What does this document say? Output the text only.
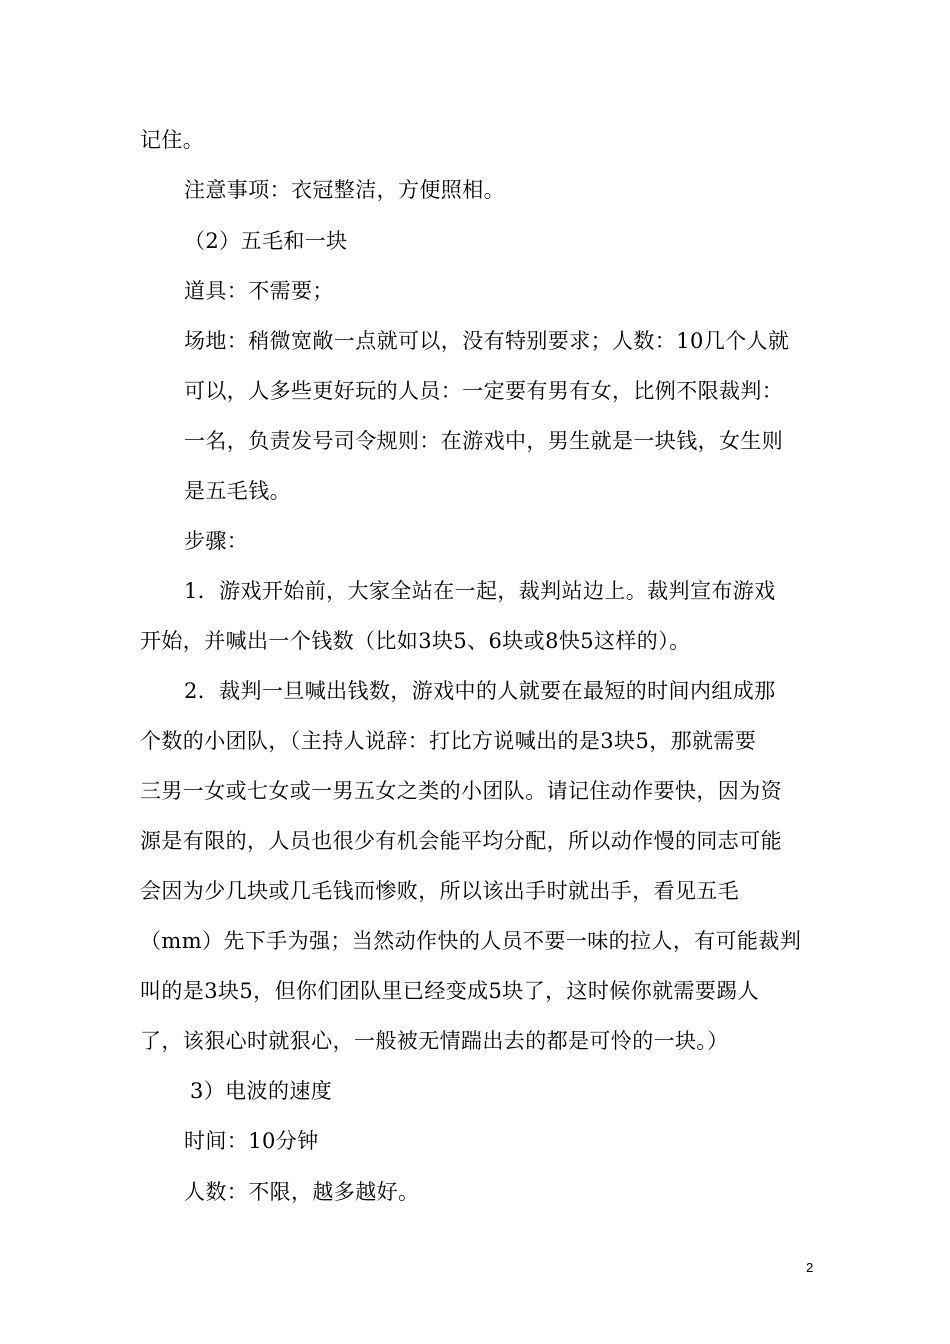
记住。
注意事项：衣冠整洁，方便照相。
（2）五毛和一块
道具：不需要；
场地：稍微宽敞一点就可以，没有特别要求；人数：10几个人就
可以，人多些更好玩的人员：一定要有男有女，比例不限裁判：
一名，负责发号司令规则：在游戏中，男生就是一块钱，女生则
是五毛钱。
步骤：
1．游戏开始前，大家全站在一起，裁判站边上。裁判宣布游戏
开始，并喊出一个钱数（比如3块5、6块或8快5这样的）。
2．裁判一旦喊出钱数，游戏中的人就要在最短的时间内组成那
个数的小团队，（主持人说辞：打比方说喊出的是3块5，那就需要
三男一女或七女或一男五女之类的小团队。请记住动作要快，因为资
源是有限的，人员也很少有机会能平均分配，所以动作慢的同志可能
会因为少几块或几毛钱而惨败，所以该出手时就出手，看见五毛
（mm）先下手为强；当然动作快的人员不要一味的拉人，有可能裁判
叫的是3块5，但你们团队里已经变成5块了，这时候你就需要踢人
了，该狠心时就狠心，一般被无情踹出去的都是可怜的一块。）
3）电波的速度
时间：10分钟
人数：不限，越多越好。
2
